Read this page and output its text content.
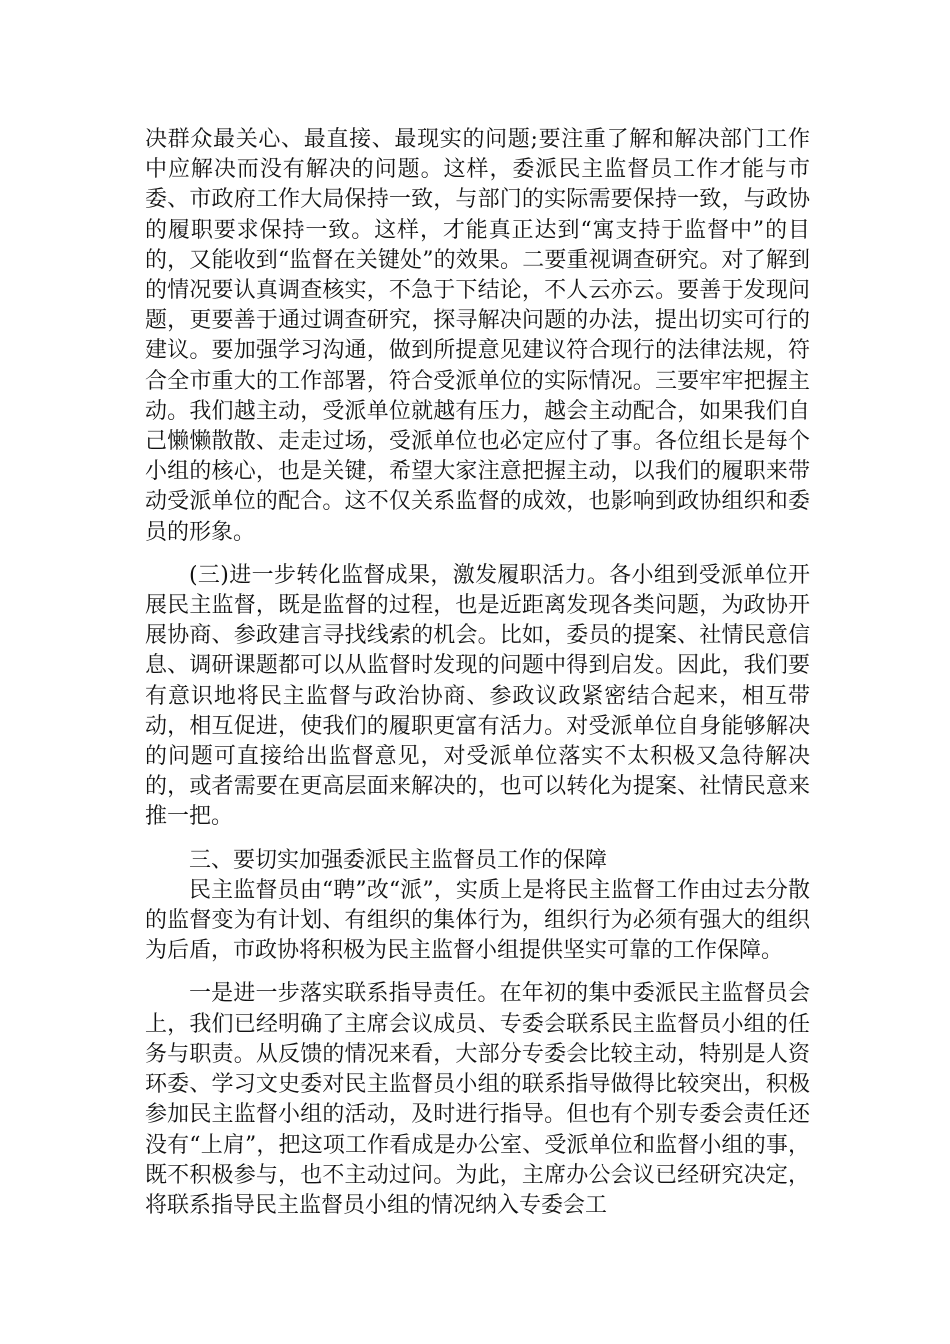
决群众最关心、最直接、最现实的问题;要注重了解和解决部门工作中应解决而没有解决的问题。这样，委派民主监督员工作才能与市委、市政府工作大局保持一致，与部门的实际需要保持一致，与政协的履职要求保持一致。这样，才能真正达到“寓支持于监督中”的目的，又能收到“监督在关键处”的效果。二要重视调查研究。对了解到的情况要认真调查核实，不急于下结论，不人云亦云。要善于发现问题，更要善于通过调查研究，探寻解决问题的办法，提出切实可行的建议。要加强学习沟通，做到所提意见建议符合现行的法律法规，符合全市重大的工作部署，符合受派单位的实际情况。三要牢牢把握主动。我们越主动，受派单位就越有压力，越会主动配合，如果我们自己懒懒散散、走走过场，受派单位也必定应付了事。各位组长是每个小组的核心，也是关键，希望大家注意把握主动，以我们的履职来带动受派单位的配合。这不仅关系监督的成效，也影响到政协组织和委员的形象。

(三)进一步转化监督成果，激发履职活力。各小组到受派单位开展民主监督，既是监督的过程，也是近距离发现各类问题，为政协开展协商、参政建言寻找线索的机会。比如，委员的提案、社情民意信息、调研课题都可以从监督时发现的问题中得到启发。因此，我们要有意识地将民主监督与政治协商、参政议政紧密结合起来，相互带动，相互促进，使我们的履职更富有活力。对受派单位自身能够解决的问题可直接给出监督意见，对受派单位落实不太积极又急待解决的，或者需要在更高层面来解决的，也可以转化为提案、社情民意来推一把。

三、要切实加强委派民主监督员工作的保障

民主监督员由“聘”改“派”，实质上是将民主监督工作由过去分散的监督变为有计划、有组织的集体行为，组织行为必须有强大的组织为后盾，市政协将积极为民主监督小组提供坚实可靠的工作保障。

一是进一步落实联系指导责任。在年初的集中委派民主监督员会上，我们已经明确了主席会议成员、专委会联系民主监督员小组的任务与职责。从反馈的情况来看，大部分专委会比较主动，特别是人资环委、学习文史委对民主监督员小组的联系指导做得比较突出，积极参加民主监督小组的活动，及时进行指导。但也有个别专委会责任还没有“上肩”，把这项工作看成是办公室、受派单位和监督小组的事，既不积极参与，也不主动过问。为此，主席办公会议已经研究决定，将联系指导民主监督员小组的情况纳入专委会工
